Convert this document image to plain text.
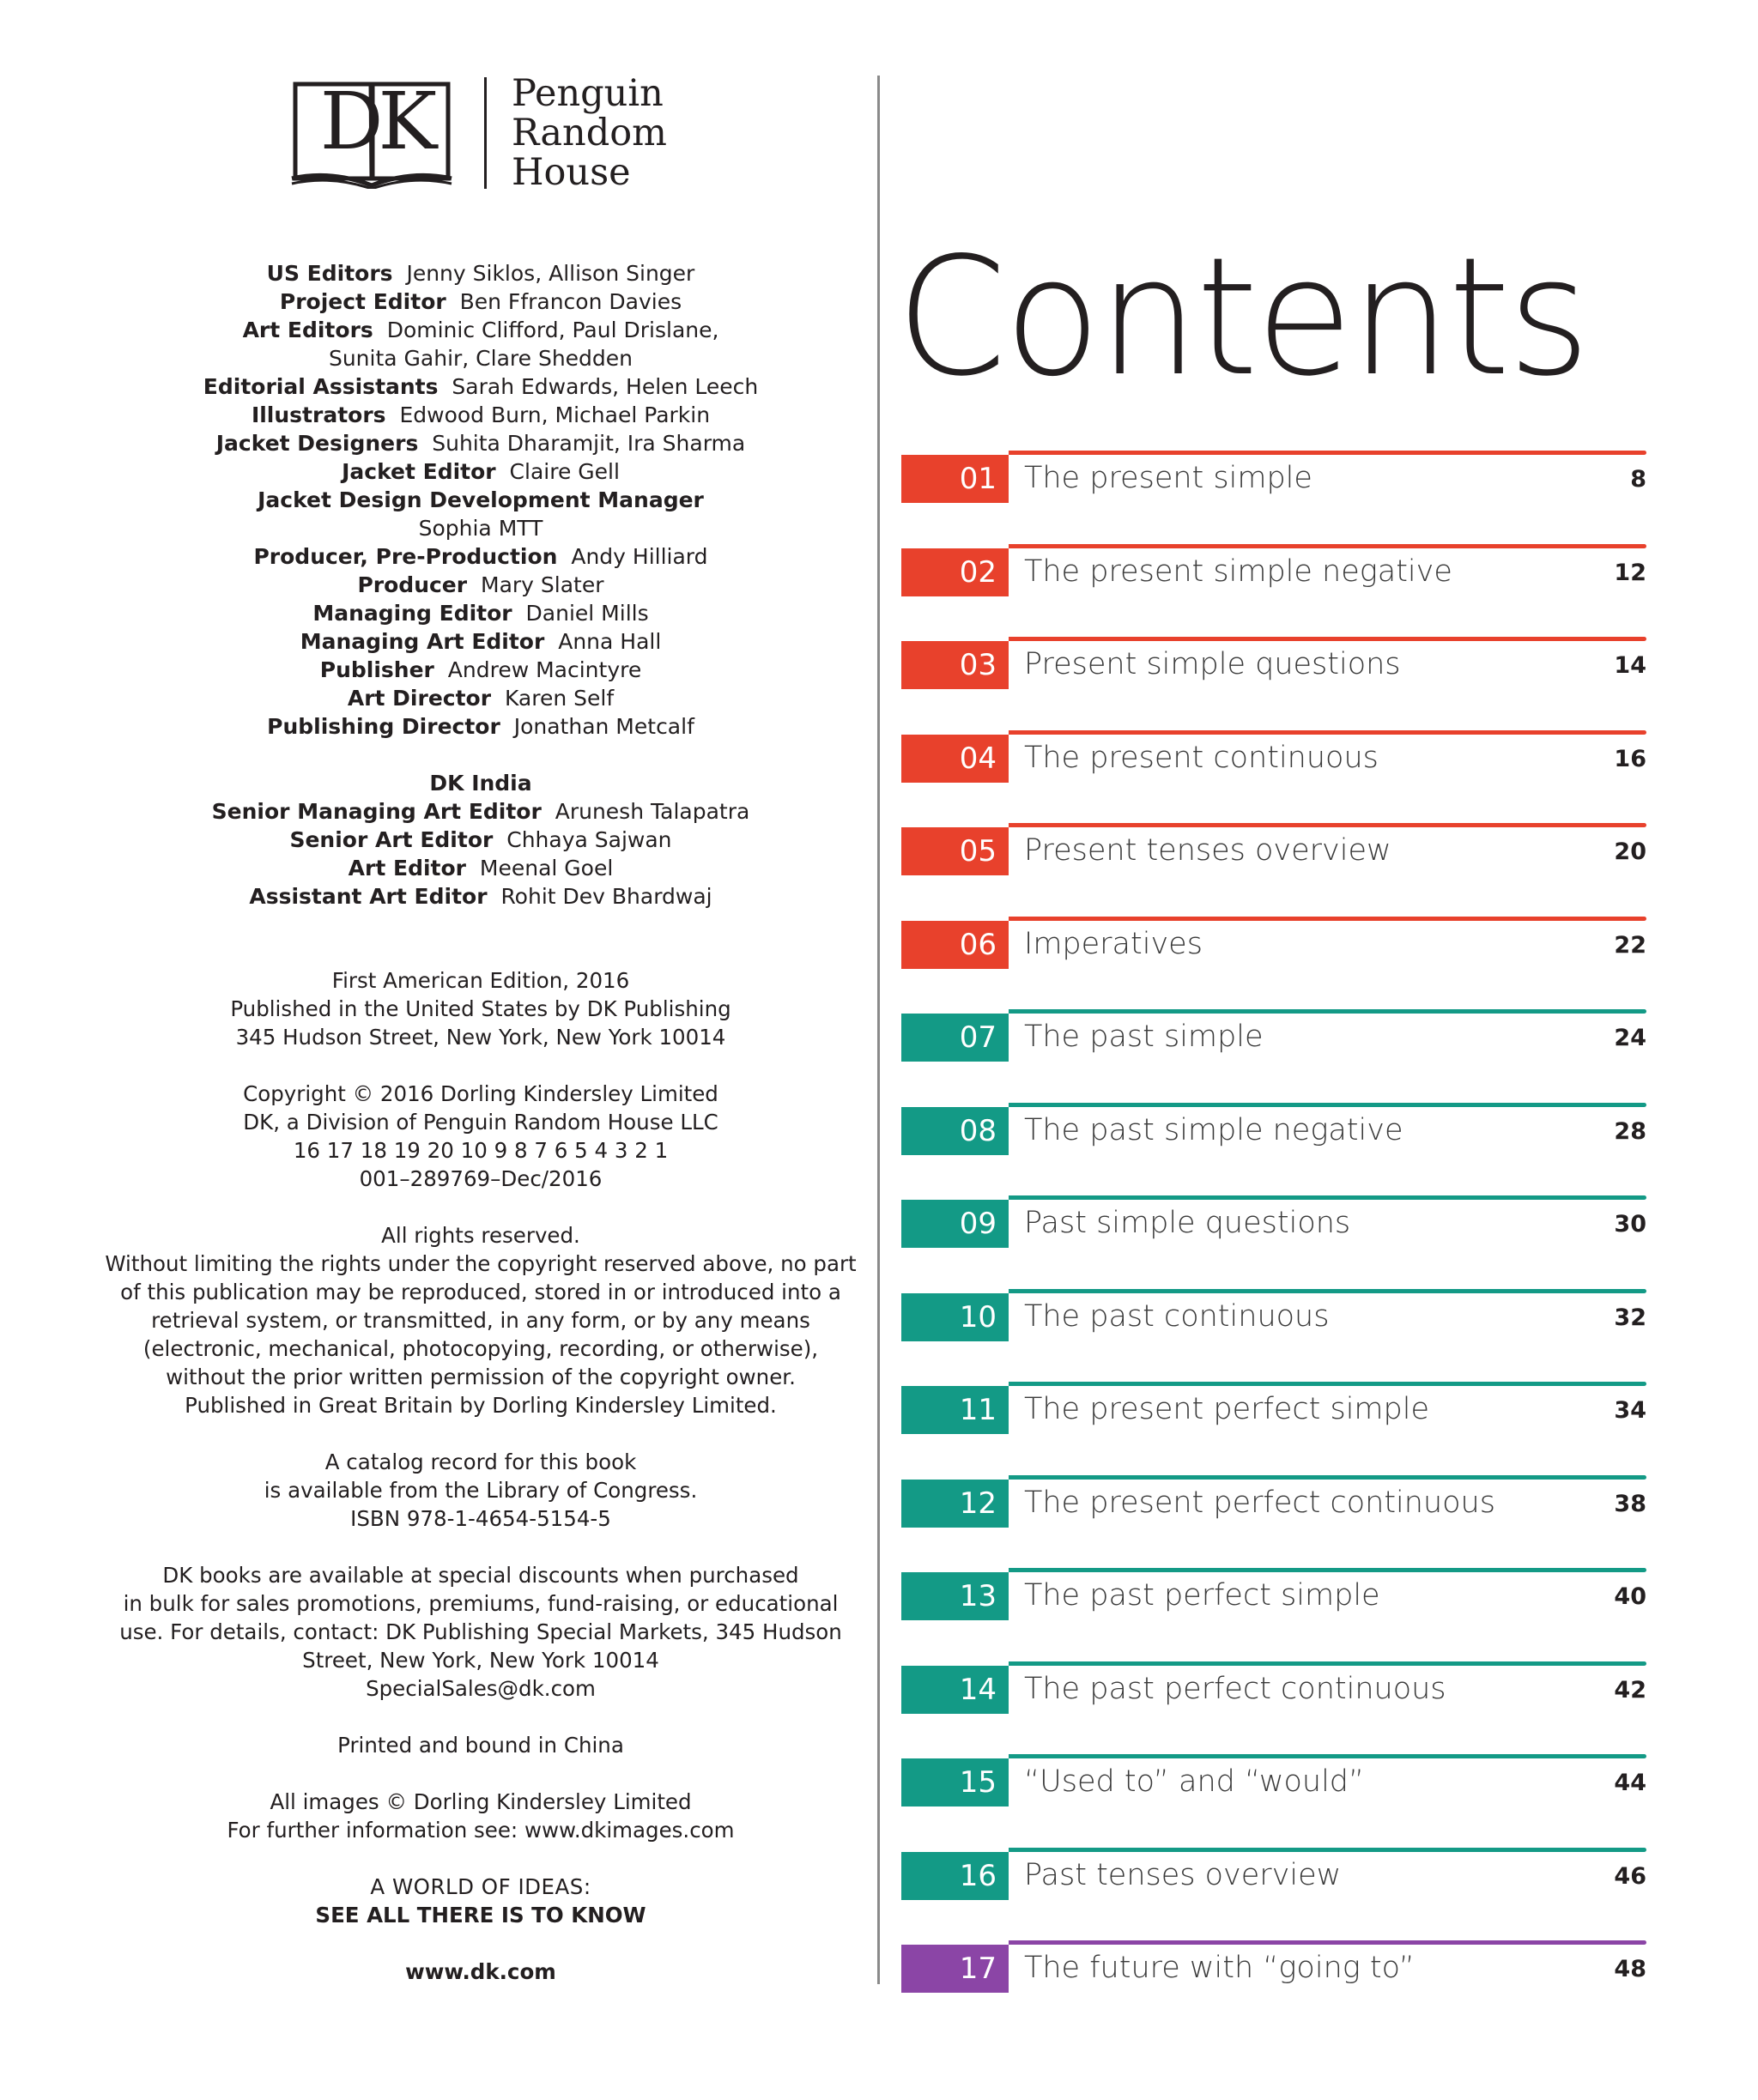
DK	Penguin
Random
House
US Editors Jenny Siklos, Allison Singer
Project Editor Ben Ffrancon Davies
Art Editors Dominic Clifford, Paul Drislane,
Sunita Gahir, Clare Shedden
Editorial Assistants Sarah Edwards, Helen Leech
Illustrators Edwood Burn, Michael Parkin
Jacket Designers Suhita Dharamjit, Ira Sharma
Jacket Editor Claire Gell
Jacket Design Development Manager
Sophia MTT
Producer, Pre-Production Andy Hilliard
Producer Mary Slater
Managing Editor Daniel Mills
Managing Art Editor Anna Hall
Publisher Andrew Macintyre
Art Director Karen Self
Publishing Director Jonathan Metcalf
DK India
Senior Managing Art Editor Arunesh Talapatra
Senior Art Editor Chhaya Sajwan
Art Editor Meenal Goel
Assistant Art Editor Rohit Dev Bhardwaj
First American Edition, 2016
Published in the United States by DK Publishing
345 Hudson Street, New York, New York 10014
Copyright © 2016 Dorling Kindersley Limited
DK, a Division of Penguin Random House LLC
16 17 18 19 20 10 9 8 7 6 5 4 3 2 1
001–289769–Dec/2016
All rights reserved.
Without limiting the rights under the copyright reserved above, no part
of this publication may be reproduced, stored in or introduced into a
retrieval system, or transmitted, in any form, or by any means
(electronic, mechanical, photocopying, recording, or otherwise),
without the prior written permission of the copyright owner.
Published in Great Britain by Dorling Kindersley Limited.
A catalog record for this book
is available from the Library of Congress.
ISBN 978-1-4654-5154-5
DK books are available at special discounts when purchased
in bulk for sales promotions, premiums, fund-raising, or educational
use. For details, contact: DK Publishing Special Markets, 345 Hudson
Street, New York, New York 10014
SpecialSales@dk.com
Printed and bound in China
All images © Dorling Kindersley Limited
For further information see: www.dkimages.com
A WORLD OF IDEAS:
SEE ALL THERE IS TO KNOW
www.dk.com
Contents
01 The present simple	8
02 The present simple negative	12
03 Present simple questions	14
04 The present continuous	16
05 Present tenses overview	20
06 Imperatives	22
07 The past simple	24
08 The past simple negative	28
09 Past simple questions	30
10 The past continuous	32
11 The present perfect simple	34
12 The present perfect continuous	38
13 The past perfect simple	40
14 The past perfect continuous	42
15 “Used to” and “would”	44
16 Past tenses overview	46
17 The future with “going to”	48
